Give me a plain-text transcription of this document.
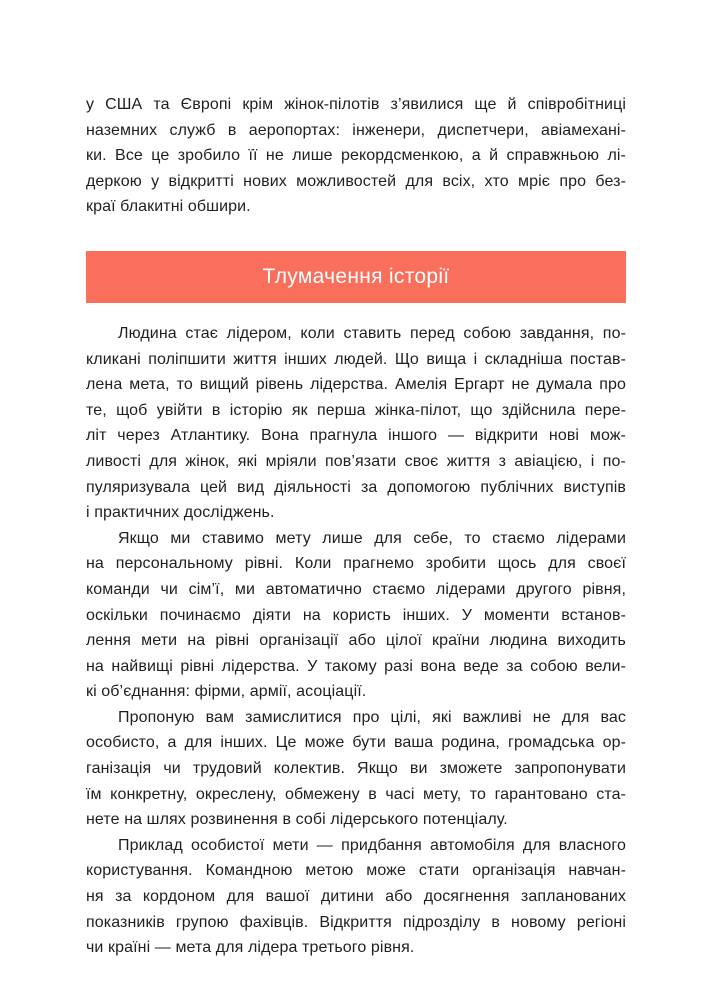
у США та Європі крім жінок-пілотів з’явилися ще й співробітниці
наземних служб в аеропортах: інженери, диспетчери, авіамехані-
ки. Все це зробило її не лише рекордсменкою, а й справжньою лі-
деркою у відкритті нових можливостей для всіх, хто мріє про без-
краї блакитні обшири.

Тлумачення історії

Людина стає лідером, коли ставить перед собою завдання, по-
кликані поліпшити життя інших людей. Що вища і складніша постав-
лена мета, то вищий рівень лідерства. Амелія Ергарт не думала про
те, щоб увійти в історію як перша жінка-пілот, що здійснила пере-
літ через Атлантику. Вона прагнула іншого — відкрити нові мож-
ливості для жінок, які мріяли пов’язати своє життя з авіацією, і по-
пуляризувала цей вид діяльності за допомогою публічних виступів
і практичних досліджень.

Якщо ми ставимо мету лише для себе, то стаємо лідерами
на персональному рівні. Коли прагнемо зробити щось для своєї
команди чи сім’ї, ми автоматично стаємо лідерами другого рівня,
оскільки починаємо діяти на користь інших. У моменти встанов-
лення мети на рівні організації або цілої країни людина виходить
на найвищі рівні лідерства. У такому разі вона веде за собою вели-
кі об’єднання: фірми, армії, асоціації.

Пропоную вам замислитися про цілі, які важливі не для вас
особисто, а для інших. Це може бути ваша родина, громадська ор-
ганізація чи трудовий колектив. Якщо ви зможете запропонувати
їм конкретну, окреслену, обмежену в часі мету, то гарантовано ста-
нете на шлях розвинення в собі лідерського потенціалу.

Приклад особистої мети — придбання автомобіля для власного
користування. Командною метою може стати організація навчан-
ня за кордоном для вашої дитини або досягнення запланованих
показників групою фахівців. Відкриття підрозділу в новому регіоні
чи країні — мета для лідера третього рівня.
